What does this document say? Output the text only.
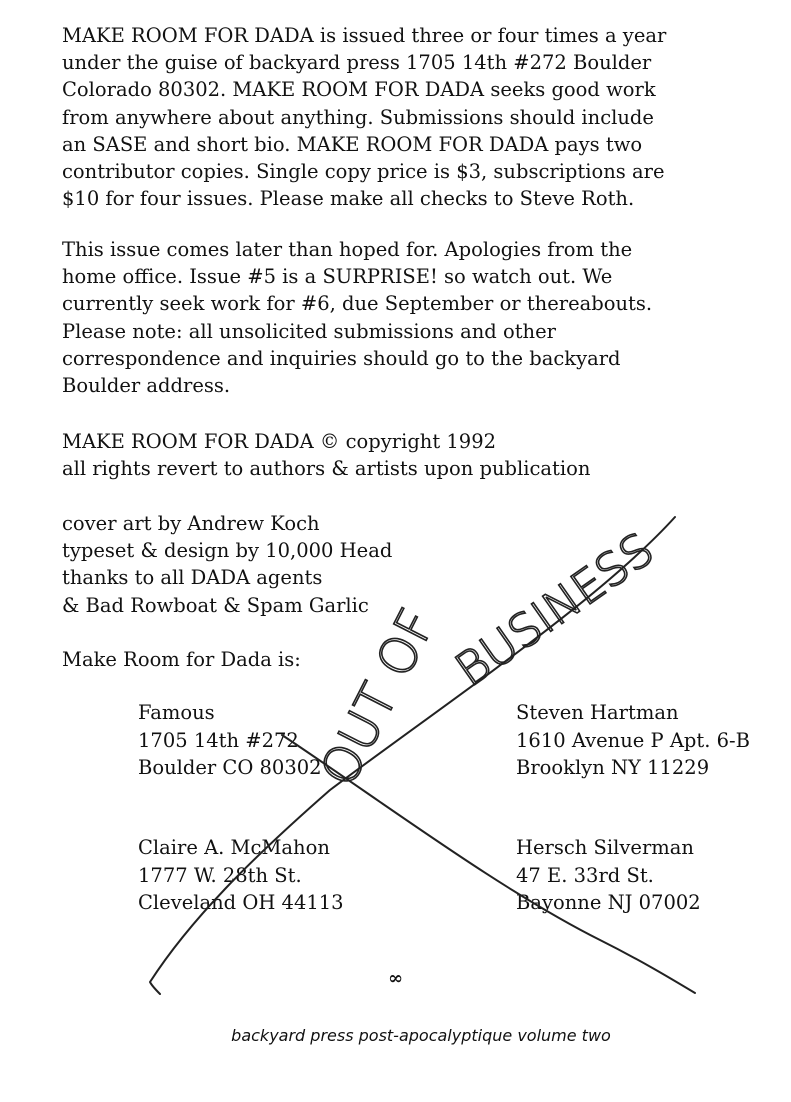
MAKE ROOM FOR DADA is issued three or four times a year
under the guise of backyard press 1705 14th #272 Boulder
Colorado 80302. MAKE ROOM FOR DADA seeks good work
from anywhere about anything. Submissions should include
an SASE and short bio. MAKE ROOM FOR DADA pays two
contributor copies. Single copy price is $3, subscriptions are
$10 for four issues. Please make all checks to Steve Roth.

This issue comes later than hoped for. Apologies from the
home office. Issue #5 is a SURPRISE! so watch out. We
currently seek work for #6, due September or thereabouts.
Please note: all unsolicited submissions and other
correspondence and inquiries should go to the backyard
Boulder address.

MAKE ROOM FOR DADA © copyright 1992
all rights revert to authors & artists upon publication

cover art by Andrew Koch
typeset & design by 10,000 Head
thanks to all DADA agents
& Bad Rowboat & Spam Garlic

Make Room for Dada is:

Famous
1705 14th #272
Boulder CO 80302
Steven Hartman
1610 Avenue P Apt. 6-B
Brooklyn NY 11229
Claire A. McMahon
1777 W. 28th St.
Cleveland OH 44113
Hersch Silverman
47 E. 33rd St.
Bayonne NJ 07002
∞
backyard press post-apocalyptique volume two
OUT OF
BUSINESS
